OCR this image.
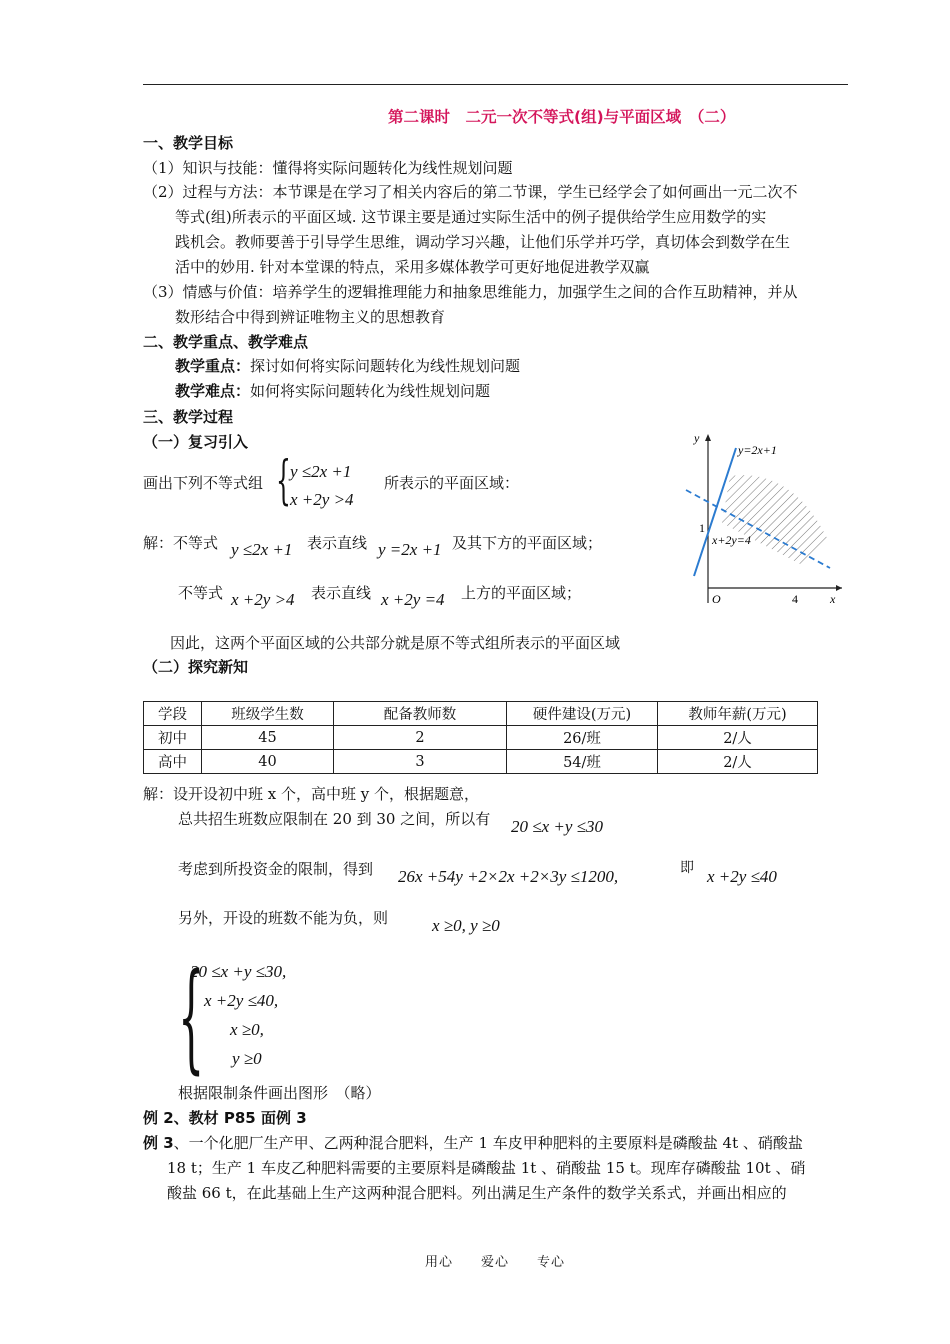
第二课时　二元一次不等式(组)与平面区域　（二）
一、教学目标
（1）知识与技能：懂得将实际问题转化为线性规划问题
（2）过程与方法：本节课是在学习了相关内容后的第二节课，学生已经学会了如何画出一元二次不
等式(组)所表示的平面区域. 这节课主要是通过实际生活中的例子提供给学生应用数学的实
践机会。教师要善于引导学生思维，调动学习兴趣，让他们乐学并巧学，真切体会到数学在生
活中的妙用. 针对本堂课的特点，采用多媒体教学可更好地促进教学双赢
（3）情感与价值：培养学生的逻辑推理能力和抽象思维能力，加强学生之间的合作互助精神，并从
数形结合中得到辨证唯物主义的思想教育
二、教学重点、教学难点
教学重点：探讨如何将实际问题转化为线性规划问题
教学难点：如何将实际问题转化为线性规划问题
三、教学过程
（一）复习引入
画出下列不等式组 { y ≤2x +1
x +2y >4
所表示的平面区域：
解：不等式 y ≤2x +1 表示直线 y =2x +1 及其下方的平面区域；
不等式 x +2y >4 表示直线 x +2y =4 上方的平面区域；
因此，这两个平面区域的公共部分就是原不等式组所表示的平面区域
（二）探究新知
y=2x+1
x+2y=4
y
x
O
1
4
学段	班级学生数	配备教师数	硬件建设(万元)	教师年薪(万元)
初中	45	2	26/班	2/人
高中	40	3	54/班	2/人
解：设开设初中班 x 个，高中班 y 个，根据题意，
总共招生班数应限制在 20 到 30 之间，所以有 20 ≤x +y ≤30
考虑到所投资金的限制，得到 26x +54y +2×2x +2×3y ≤1200,	即 x +2y ≤40
另外，开设的班数不能为负，则	x ≥0, y ≥0
{
20 ≤x +y ≤30,
x +2y ≤40,
x ≥0,
y ≥0
根据限制条件画出图形　（略）
例 2、教材 P85 面例 3
例 3、一个化肥厂生产甲、乙两种混合肥料，生产 1 车皮甲种肥料的主要原料是磷酸盐 4t 、硝酸盐
18 t；生产 1 车皮乙种肥料需要的主要原料是磷酸盐 1t 、硝酸盐 15 t。现库存磷酸盐 10t 、硝
酸盐 66 t，在此基础上生产这两种混合肥料。列出满足生产条件的数学关系式，并画出相应的
用心　　爱心　　专心
